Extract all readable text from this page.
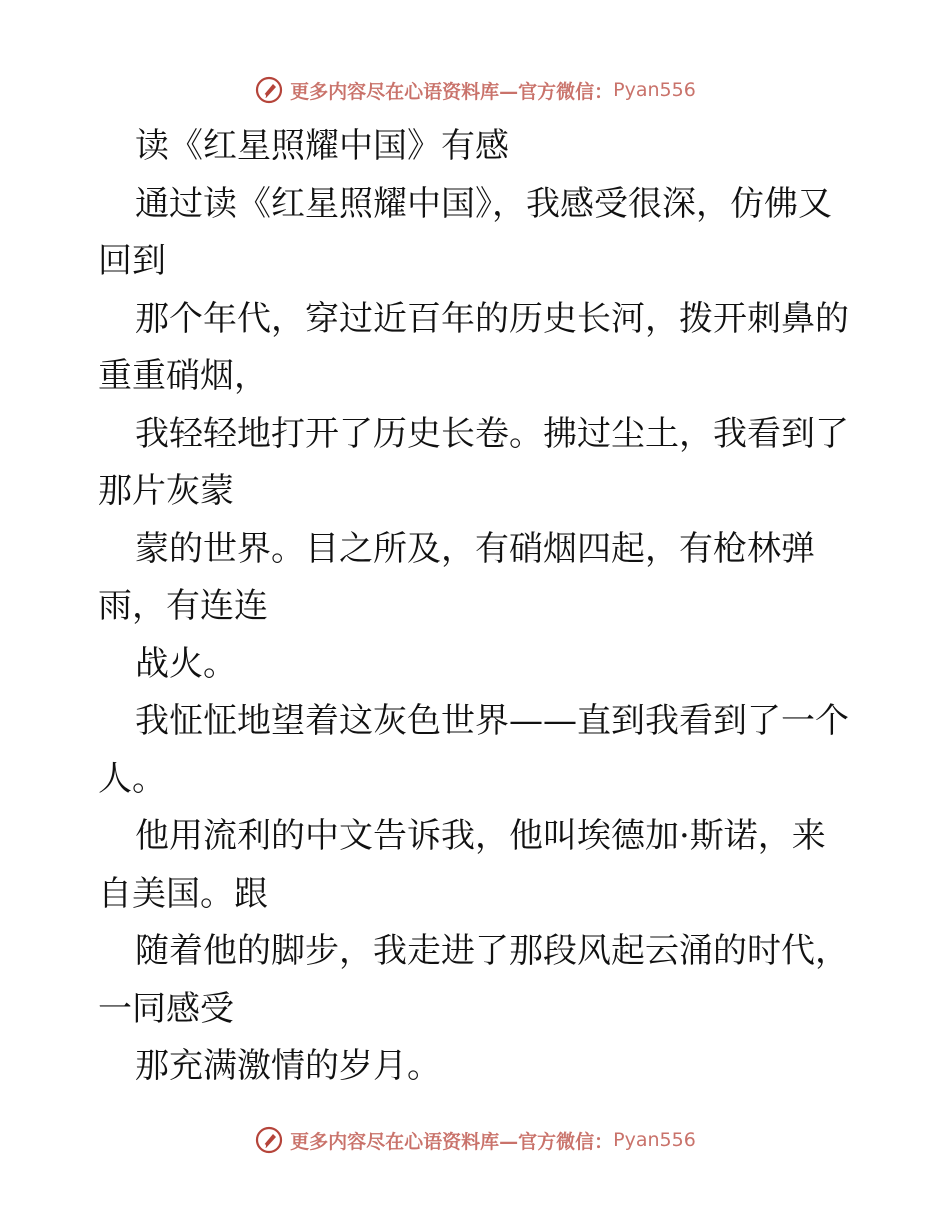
更多内容尽在心语资料库—官方微信： Pyan556
读《红星照耀中国》有感
通过读《红星照耀中国》，我感受很深，仿佛又
回到
那个年代，穿过近百年的历史长河，拨开刺鼻的
重重硝烟，
我轻轻地打开了历史长卷。拂过尘土，我看到了
那片灰蒙
蒙的世界。目之所及，有硝烟四起，有枪林弹
雨，有连连
战火。
我怔怔地望着这灰色世界——直到我看到了一个
人。
他用流利的中文告诉我，他叫埃德加·斯诺，来
自美国。跟
随着他的脚步，我走进了那段风起云涌的时代，
一同感受
那充满激情的岁月。
更多内容尽在心语资料库—官方微信： Pyan556
